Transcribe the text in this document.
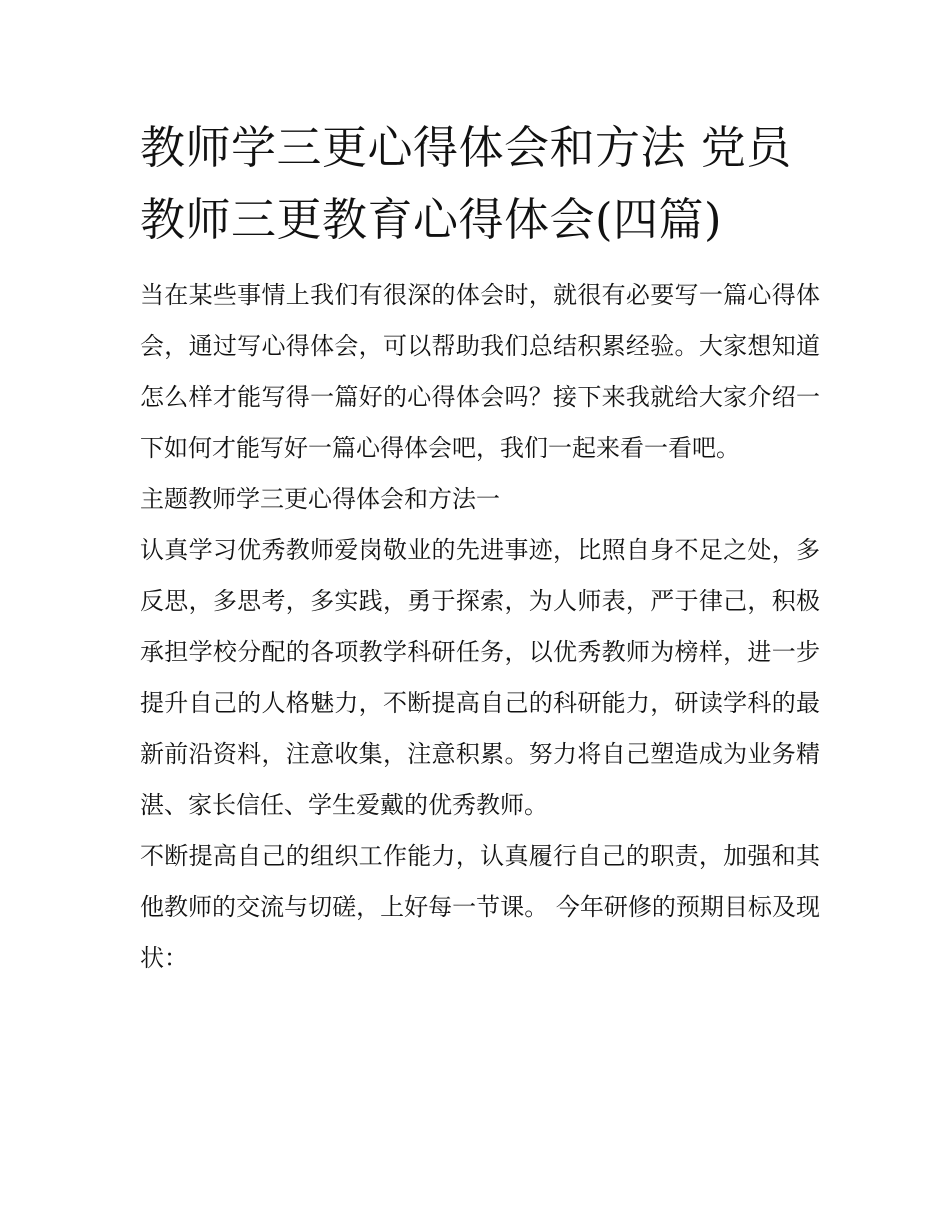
教师学三更心得体会和方法 党员教师三更教育心得体会(四篇)

当在某些事情上我们有很深的体会时，就很有必要写一篇心得体会，通过写心得体会，可以帮助我们总结积累经验。大家想知道怎么样才能写得一篇好的心得体会吗？接下来我就给大家介绍一下如何才能写好一篇心得体会吧，我们一起来看一看吧。

主题教师学三更心得体会和方法一

认真学习优秀教师爱岗敬业的先进事迹，比照自身不足之处，多反思，多思考，多实践，勇于探索，为人师表，严于律己，积极承担学校分配的各项教学科研任务，以优秀教师为榜样，进一步提升自己的人格魅力，不断提高自己的科研能力，研读学科的最新前沿资料，注意收集，注意积累。努力将自己塑造成为业务精湛、家长信任、学生爱戴的优秀教师。

不断提高自己的组织工作能力，认真履行自己的职责，加强和其他教师的交流与切磋，上好每一节课。 今年研修的预期目标及现状：
